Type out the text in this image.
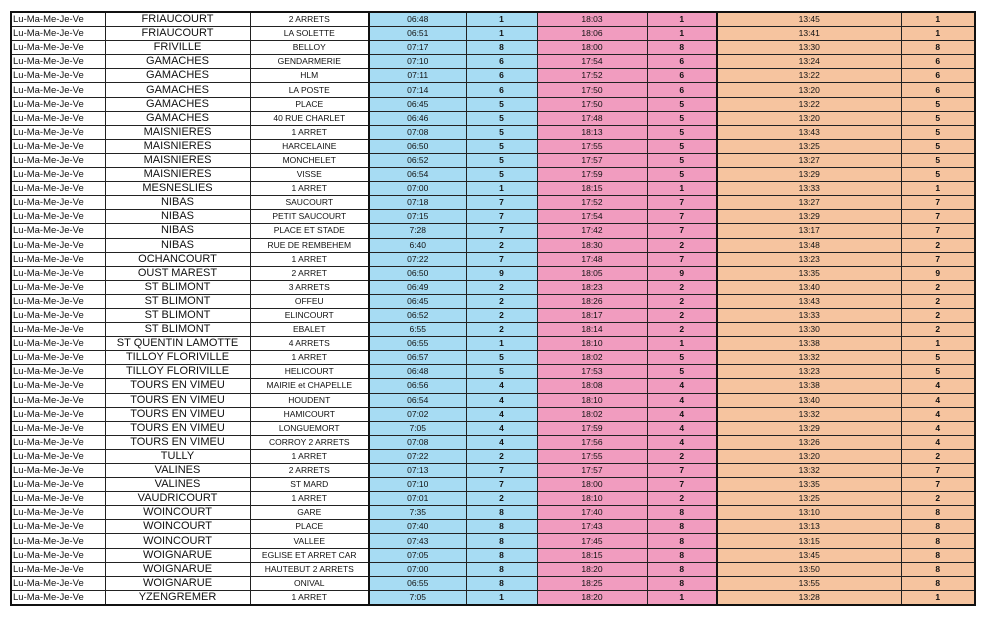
Lu-Ma-Me-Je-Ve	FRIAUCOURT	2 ARRETS	06:48	1	18:03	1	13:45	1
Lu-Ma-Me-Je-Ve	FRIAUCOURT	LA SOLETTE	06:51	1	18:06	1	13:41	1
Lu-Ma-Me-Je-Ve	FRIVILLE	BELLOY	07:17	8	18:00	8	13:30	8
Lu-Ma-Me-Je-Ve	GAMACHES	GENDARMERIE	07:10	6	17:54	6	13:24	6
Lu-Ma-Me-Je-Ve	GAMACHES	HLM	07:11	6	17:52	6	13:22	6
Lu-Ma-Me-Je-Ve	GAMACHES	LA POSTE	07:14	6	17:50	6	13:20	6
Lu-Ma-Me-Je-Ve	GAMACHES	PLACE	06:45	5	17:50	5	13:22	5
Lu-Ma-Me-Je-Ve	GAMACHES	40 RUE CHARLET	06:46	5	17:48	5	13:20	5
Lu-Ma-Me-Je-Ve	MAISNIERES	1 ARRET	07:08	5	18:13	5	13:43	5
Lu-Ma-Me-Je-Ve	MAISNIERES	HARCELAINE	06:50	5	17:55	5	13:25	5
Lu-Ma-Me-Je-Ve	MAISNIERES	MONCHELET	06:52	5	17:57	5	13:27	5
Lu-Ma-Me-Je-Ve	MAISNIERES	VISSE	06:54	5	17:59	5	13:29	5
Lu-Ma-Me-Je-Ve	MESNESLIES	1 ARRET	07:00	1	18:15	1	13:33	1
Lu-Ma-Me-Je-Ve	NIBAS	SAUCOURT	07:18	7	17:52	7	13:27	7
Lu-Ma-Me-Je-Ve	NIBAS	PETIT SAUCOURT	07:15	7	17:54	7	13:29	7
Lu-Ma-Me-Je-Ve	NIBAS	PLACE ET STADE	7:28	7	17:42	7	13:17	7
Lu-Ma-Me-Je-Ve	NIBAS	RUE DE REMBEHEM	6:40	2	18:30	2	13:48	2
Lu-Ma-Me-Je-Ve	OCHANCOURT	1 ARRET	07:22	7	17:48	7	13:23	7
Lu-Ma-Me-Je-Ve	OUST MAREST	2 ARRET	06:50	9	18:05	9	13:35	9
Lu-Ma-Me-Je-Ve	ST BLIMONT	3 ARRETS	06:49	2	18:23	2	13:40	2
Lu-Ma-Me-Je-Ve	ST BLIMONT	OFFEU	06:45	2	18:26	2	13:43	2
Lu-Ma-Me-Je-Ve	ST BLIMONT	ELINCOURT	06:52	2	18:17	2	13:33	2
Lu-Ma-Me-Je-Ve	ST BLIMONT	EBALET	6:55	2	18:14	2	13:30	2
Lu-Ma-Me-Je-Ve	ST QUENTIN LAMOTTE	4 ARRETS	06:55	1	18:10	1	13:38	1
Lu-Ma-Me-Je-Ve	TILLOY FLORIVILLE	1 ARRET	06:57	5	18:02	5	13:32	5
Lu-Ma-Me-Je-Ve	TILLOY FLORIVILLE	HELICOURT	06:48	5	17:53	5	13:23	5
Lu-Ma-Me-Je-Ve	TOURS EN VIMEU	MAIRIE et CHAPELLE	06:56	4	18:08	4	13:38	4
Lu-Ma-Me-Je-Ve	TOURS EN VIMEU	HOUDENT	06:54	4	18:10	4	13:40	4
Lu-Ma-Me-Je-Ve	TOURS EN VIMEU	HAMICOURT	07:02	4	18:02	4	13:32	4
Lu-Ma-Me-Je-Ve	TOURS EN VIMEU	LONGUEMORT	7:05	4	17:59	4	13:29	4
Lu-Ma-Me-Je-Ve	TOURS EN VIMEU	CORROY 2 ARRETS	07:08	4	17:56	4	13:26	4
Lu-Ma-Me-Je-Ve	TULLY	1 ARRET	07:22	2	17:55	2	13:20	2
Lu-Ma-Me-Je-Ve	VALINES	2 ARRETS	07:13	7	17:57	7	13:32	7
Lu-Ma-Me-Je-Ve	VALINES	ST MARD	07:10	7	18:00	7	13:35	7
Lu-Ma-Me-Je-Ve	VAUDRICOURT	1 ARRET	07:01	2	18:10	2	13:25	2
Lu-Ma-Me-Je-Ve	WOINCOURT	GARE	7:35	8	17:40	8	13:10	8
Lu-Ma-Me-Je-Ve	WOINCOURT	PLACE	07:40	8	17:43	8	13:13	8
Lu-Ma-Me-Je-Ve	WOINCOURT	VALLEE	07:43	8	17:45	8	13:15	8
Lu-Ma-Me-Je-Ve	WOIGNARUE	EGLISE ET ARRET CAR	07:05	8	18:15	8	13:45	8
Lu-Ma-Me-Je-Ve	WOIGNARUE	HAUTEBUT 2 ARRETS	07:00	8	18:20	8	13:50	8
Lu-Ma-Me-Je-Ve	WOIGNARUE	ONIVAL	06:55	8	18:25	8	13:55	8
Lu-Ma-Me-Je-Ve	YZENGREMER	1 ARRET	7:05	1	18:20	1	13:28	1
